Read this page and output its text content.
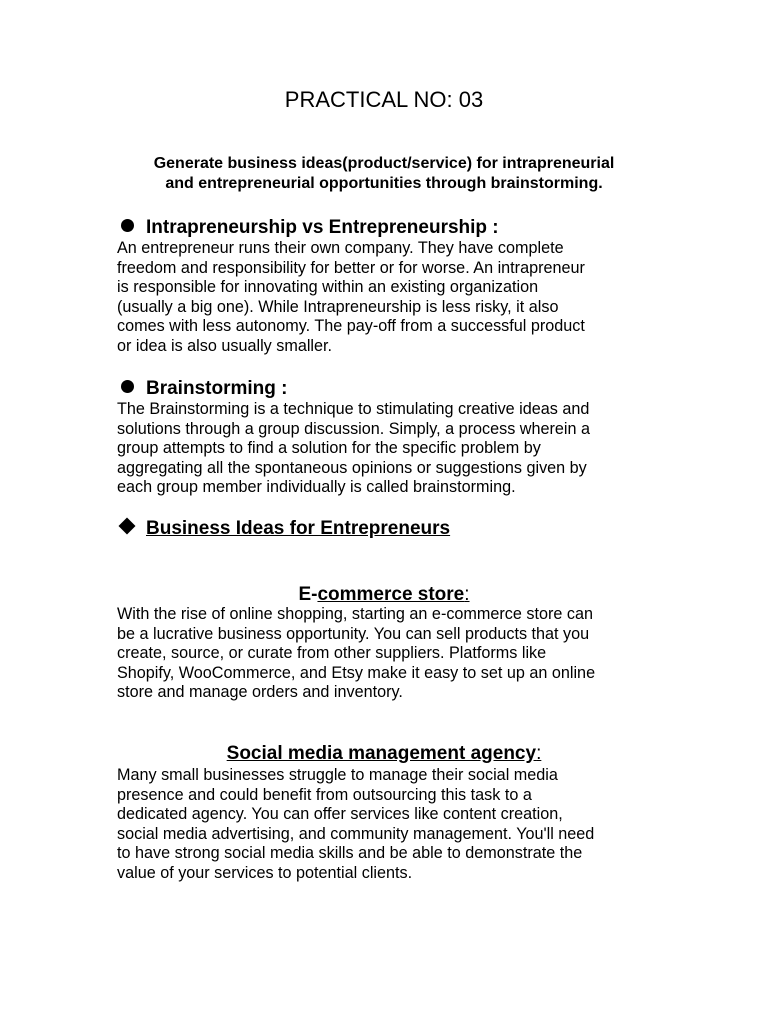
PRACTICAL NO: 03
Generate business ideas(product/service) for intrapreneurial
and entrepreneurial opportunities through brainstorming.
Intrapreneurship vs Entrepreneurship :
An entrepreneur runs their own company. They have complete
freedom and responsibility for better or for worse. An intrapreneur
is responsible for innovating within an existing organization
(usually a big one). While Intrapreneurship is less risky, it also
comes with less autonomy. The pay-off from a successful product
or idea is also usually smaller.
Brainstorming :
The Brainstorming is a technique to stimulating creative ideas and
solutions through a group discussion. Simply, a process wherein a
group attempts to find a solution for the specific problem by
aggregating all the spontaneous opinions or suggestions given by
each group member individually is called brainstorming.
Business Ideas for Entrepreneurs
E-commerce store:
With the rise of online shopping, starting an e-commerce store can
be a lucrative business opportunity. You can sell products that you
create, source, or curate from other suppliers. Platforms like
Shopify, WooCommerce, and Etsy make it easy to set up an online
store and manage orders and inventory.
Social media management agency:
Many small businesses struggle to manage their social media
presence and could benefit from outsourcing this task to a
dedicated agency. You can offer services like content creation,
social media advertising, and community management. You'll need
to have strong social media skills and be able to demonstrate the
value of your services to potential clients.
